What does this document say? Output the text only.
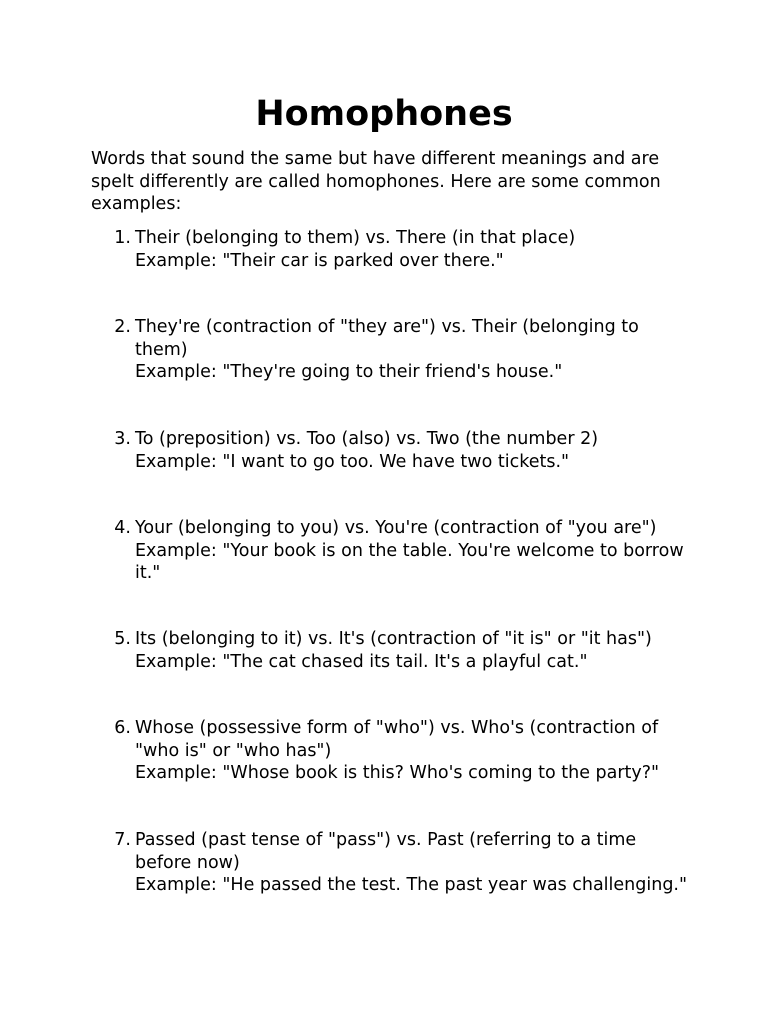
Homophones

Words that sound the same but have different meanings and are spelt differently are called homophones. Here are some common examples:

1. Their (belonging to them) vs. There (in that place)
Example: "Their car is parked over there."
2. They're (contraction of "they are") vs. Their (belonging to them)
Example: "They're going to their friend's house."
3. To (preposition) vs. Too (also) vs. Two (the number 2)
Example: "I want to go too. We have two tickets."
4. Your (belonging to you) vs. You're (contraction of "you are")
Example: "Your book is on the table. You're welcome to borrow it."
5. Its (belonging to it) vs. It's (contraction of "it is" or "it has")
Example: "The cat chased its tail. It's a playful cat."
6. Whose (possessive form of "who") vs. Who's (contraction of "who is" or "who has")
Example: "Whose book is this? Who's coming to the party?"
7. Passed (past tense of "pass") vs. Past (referring to a time before now)
Example: "He passed the test. The past year was challenging."
